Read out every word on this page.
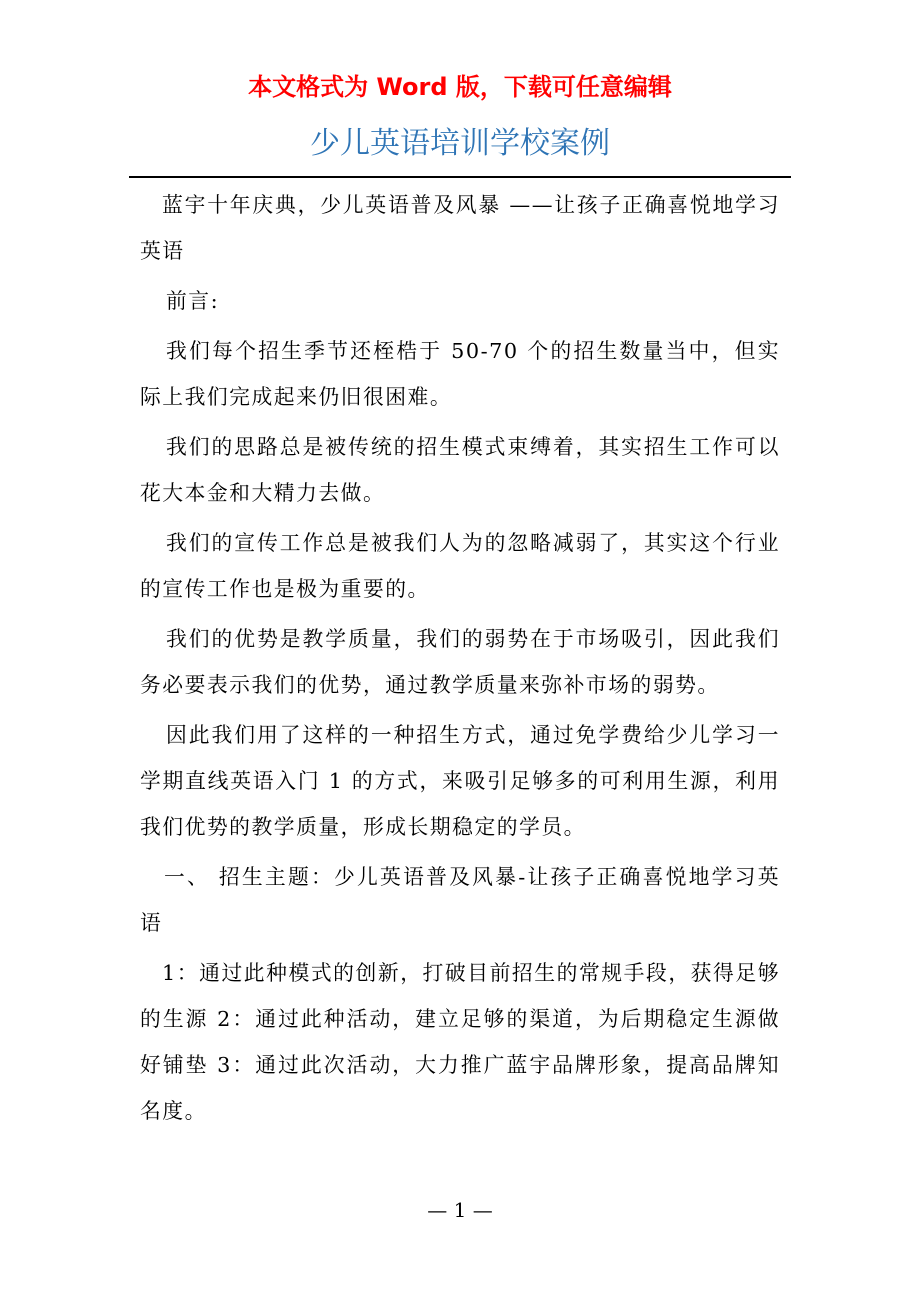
本文格式为 Word 版，下载可任意编辑
少儿英语培训学校案例

蓝宇十年庆典，少儿英语普及风暴 ——让孩子正确喜悦地学习英语

前言:

我们每个招生季节还桎梏于 50-70 个的招生数量当中，但实际上我们完成起来仍旧很困难。

我们的思路总是被传统的招生模式束缚着，其实招生工作可以花大本金和大精力去做。

我们的宣传工作总是被我们人为的忽略减弱了，其实这个行业的宣传工作也是极为重要的。

我们的优势是教学质量，我们的弱势在于市场吸引，因此我们务必要表示我们的优势，通过教学质量来弥补市场的弱势。

因此我们用了这样的一种招生方式，通过免学费给少儿学习一学期直线英语入门 1 的方式，来吸引足够多的可利用生源，利用我们优势的教学质量，形成长期稳定的学员。

一、 招生主题：少儿英语普及风暴-让孩子正确喜悦地学习英语

1：通过此种模式的创新，打破目前招生的常规手段，获得足够的生源 2：通过此种活动，建立足够的渠道，为后期稳定生源做好铺垫 3：通过此次活动，大力推广蓝宇品牌形象，提高品牌知名度。

— 1 —
